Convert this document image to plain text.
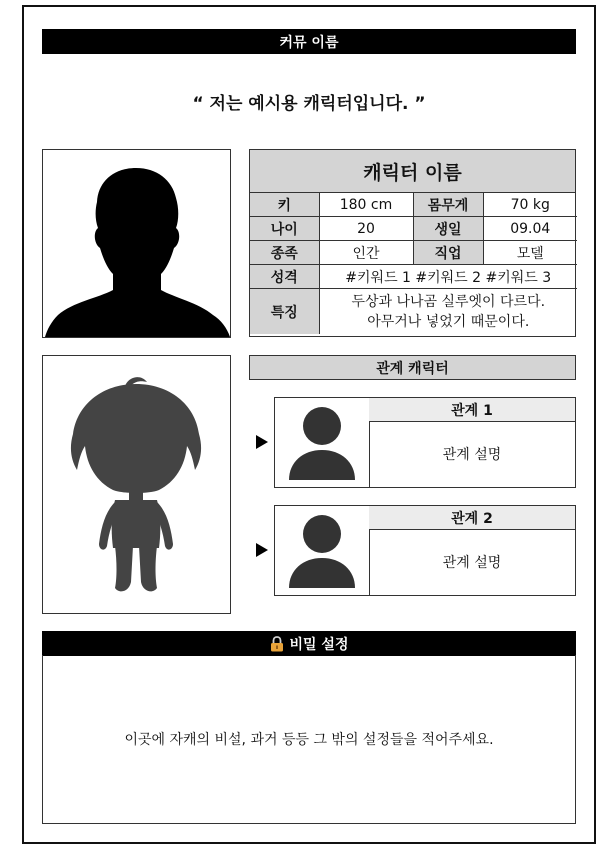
커뮤 이름
“ 저는 예시용 캐릭터입니다. ”
캐릭터 이름
키	180 cm	몸무게	70 kg
나이	20	생일	09.04
종족	인간	직업	모델
성격	#키워드 1 #키워드 2 #키워드 3		
특징	두상과 나나곰 실루엣이 다르다.
아무거나 넣었기 때문이다.		
관계 캐릭터
관계 1
관계 설명
관계 2
관계 설명
비밀 설정
이곳에 자캐의 비설, 과거 등등 그 밖의 설정들을 적어주세요.
